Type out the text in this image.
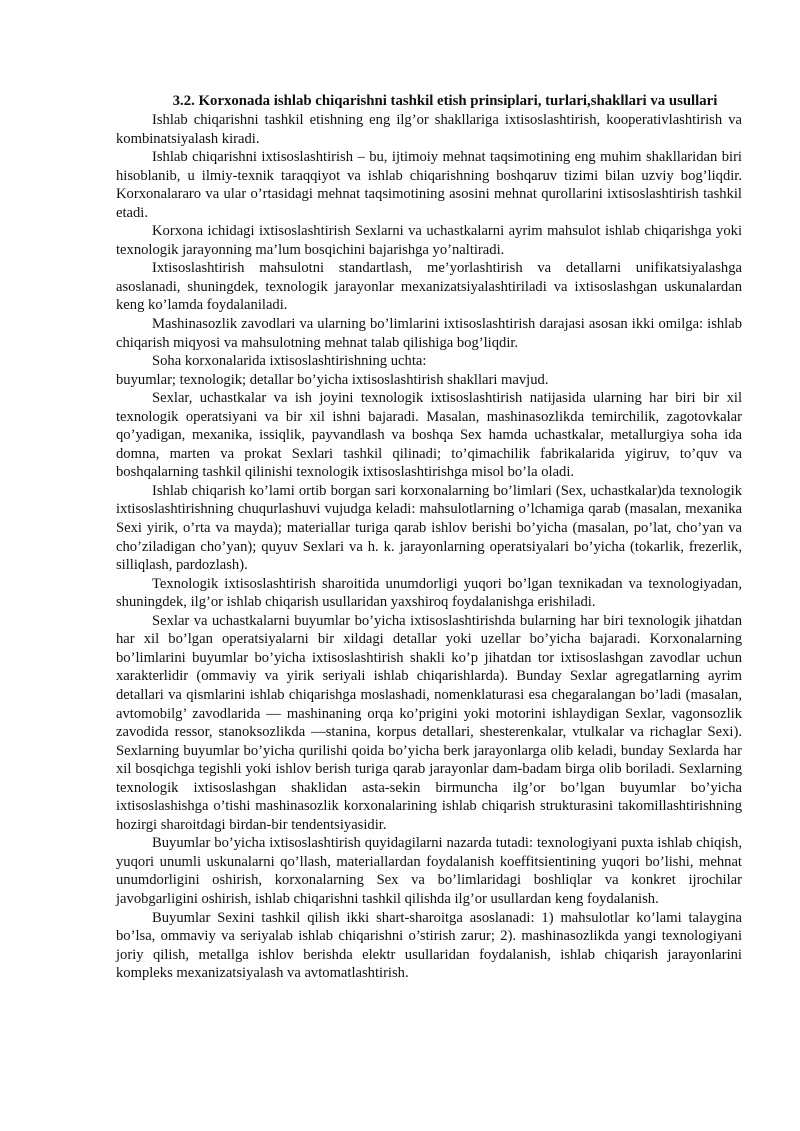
3.2. Korxonada ishlab chiqarishni tashkil etish prinsiplari, turlari,shakllari va usullari

Ishlab chiqarishni tashkil etishning eng ilg’or shakllariga ixtisoslashtirish, kooperativlashtirish va kombinatsiyalash kiradi.

Ishlab chiqarishni ixtisoslashtirish – bu, ijtimoiy mehnat taqsimotining eng muhim shakllaridan biri hisoblanib, u ilmiy-texnik taraqqiyot va ishlab chiqarishning boshqaruv tizimi bilan uzviy bog’liqdir. Korxonalararo va ular o’rtasidagi mehnat taqsimotining asosini mehnat qurollarini ixtisoslashtirish tashkil etadi.

Korxona ichidagi ixtisoslashtirish Sexlarni va uchastkalarni ayrim mahsulot ishlab chiqarishga yoki texnologik jarayonning ma’lum bosqichini bajarishga yo’naltiradi.

Ixtisoslashtirish mahsulotni standartlash, me’yorlashtirish va detallarni unifikatsiyalashga asoslanadi, shuningdek, texnologik jarayonlar mexanizatsiyalashtiriladi va ixtisoslashgan uskunalardan keng ko’lamda foydalaniladi.

Mashinasozlik zavodlari va ularning bo’limlarini ixtisoslashtirish darajasi asosan ikki omilga: ishlab chiqarish miqyosi va mahsulotning mehnat talab qilishiga bog’liqdir.

Soha korxonalarida ixtisoslashtirishning uchta:

buyumlar; texnologik; detallar bo’yicha ixtisoslashtirish shakllari mavjud.

Sexlar, uchastkalar va ish joyini texnologik ixtisoslashtirish natijasida ularning har biri bir xil texnologik operatsiyani va bir xil ishni bajaradi. Masalan, mashinasozlikda temirchilik, zagotovkalar qo’yadigan, mexanika, issiqlik, payvandlash va boshqa Sex hamda uchastkalar, metallurgiya soha ida domna, marten va prokat Sexlari tashkil qilinadi; to’qimachilik fabrikalarida yigiruv, to’quv va boshqalarning tashkil qilinishi texnologik ixtisoslashtirishga misol bo’la oladi.

Ishlab chiqarish ko’lami ortib borgan sari korxonalarning bo’limlari (Sex, uchastkalar)da texnologik ixtisoslashtirishning chuqurlashuvi vujudga keladi: mahsulotlarning o’lchamiga qarab (masalan, mexanika Sexi yirik, o’rta va mayda); materiallar turiga qarab ishlov berishi bo’yicha (masalan, po’lat, cho’yan va cho’ziladigan cho’yan); quyuv Sexlari va h. k. jarayonlarning operatsiyalari bo’yicha (tokarlik, frezerlik, silliqlash, pardozlash).

Texnologik ixtisoslashtirish sharoitida unumdorligi yuqori bo’lgan texnikadan va texnologiyadan, shuningdek, ilg’or ishlab chiqarish usullaridan yaxshiroq foydalanishga erishiladi.

Sexlar va uchastkalarni buyumlar bo’yicha ixtisoslashtirishda bularning har biri texnologik jihatdan har xil bo’lgan operatsiyalarni bir xildagi detallar yoki uzellar bo’yicha bajaradi. Korxonalarning bo’limlarini buyumlar bo’yicha ixtisoslashtirish shakli ko’p jihatdan tor ixtisoslashgan zavodlar uchun xarakterlidir (ommaviy va yirik seriyali ishlab chiqarishlarda). Bunday Sexlar agregatlarning ayrim detallari va qismlarini ishlab chiqarishga moslashadi, nomenklaturasi esa chegaralangan bo’ladi (masalan, avtomobilg’ zavodlarida — mashinaning orqa ko’prigini yoki motorini ishlaydigan Sexlar, vagonsozlik zavodida ressor, stanoksozlikda —stanina, korpus detallari, shesterenkalar, vtulkalar va richaglar Sexi). Sexlarning buyumlar bo’yicha qurilishi qoida bo’yicha berk jarayonlarga olib keladi, bunday Sexlarda har xil bosqichga tegishli yoki ishlov berish turiga qarab jarayonlar dam-badam birga olib boriladi. Sexlarning texnologik ixtisoslashgan shaklidan asta-sekin birmuncha ilg’or bo’lgan buyumlar bo’yicha ixtisoslashishga o’tishi mashinasozlik korxonalarining ishlab chiqarish strukturasini takomillashtirishning hozirgi sharoitdagi birdan-bir tendentsiyasidir.

Buyumlar bo’yicha ixtisoslashtirish quyidagilarni nazarda tutadi: texnologiyani puxta ishlab chiqish, yuqori unumli uskunalarni qo’llash, materiallardan foydalanish koeffitsientining yuqori bo’lishi, mehnat unumdorligini oshirish, korxonalarning Sex va bo’limlaridagi boshliqlar va konkret ijrochilar javobgarligini oshirish, ishlab chiqarishni tashkil qilishda ilg’or usullardan keng foydalanish.

Buyumlar Sexini tashkil qilish ikki shart-sharoitga asoslanadi: 1) mahsulotlar ko’lami talaygina bo’lsa, ommaviy va seriyalab ishlab chiqarishni o’stirish zarur; 2). mashinasozlikda yangi texnologiyani joriy qilish, metallga ishlov berishda elektr usullaridan foydalanish, ishlab chiqarish jarayonlarini kompleks mexanizatsiyalash va avtomatlashtirish.
